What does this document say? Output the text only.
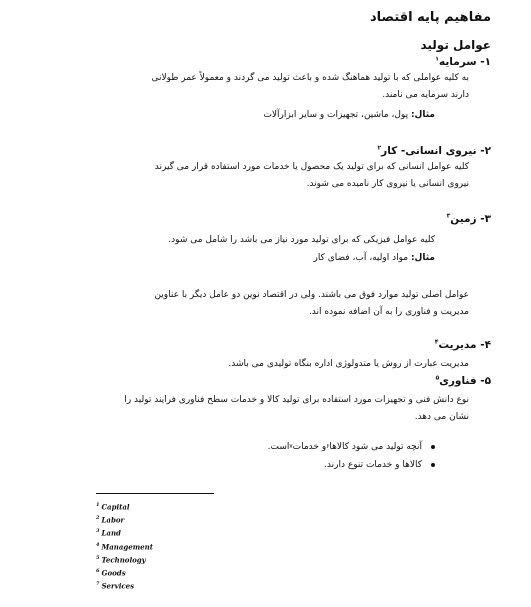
مفاهیم پایه اقتصاد
عوامل تولید
۱- سرمایه$^۱$
به کلیه عواملی که با تولید هماهنگ شده و باعث تولید می گردند و معمولاً عمر طولانی
دارند سرمایه می نامند.
مثال: پول، ماشین، تجهیزات و سایر ابزارآلات
۲- نیروی انسانی- کار$^۲$
کلیه عوامل انسانی که برای تولید یک محصول یا خدمات مورد استفاده قرار می گیرند
نیروی انسانی یا نیروی کار نامیده می شوند.
۳- زمین$^۳$
کلیه عوامل فیزیکی که برای تولید مورد نیاز می باشد را شامل می شود.
مثال: مواد اولیه، آب، فضای کار
عوامل اصلی تولید موارد فوق می باشند. ولی در اقتصاد نوین دو عامل دیگر با عناوین
مدیریت و فناوری را به آن اضافه نموده اند.
۴- مدیریت$^۴$
مدیریت عبارت از روش یا متدولوژی اداره بنگاه تولیدی می باشد.
۵- فناوری$^۵$
نوع دانش فنی و تجهیزات مورد استفاده برای تولید کالا و خدمات سطح فناوری فرایند تولید را
نشان می دهد.
آنچه تولید می شود کالاها
۶
و خدمات
۷
است.
کالاها و خدمات تنوع دارند.
$^1$ Capital
$^2$ Labor
$^3$ Land
$^4$ Management
$^5$ Technology
$^6$ Goods
$^7$ Services
